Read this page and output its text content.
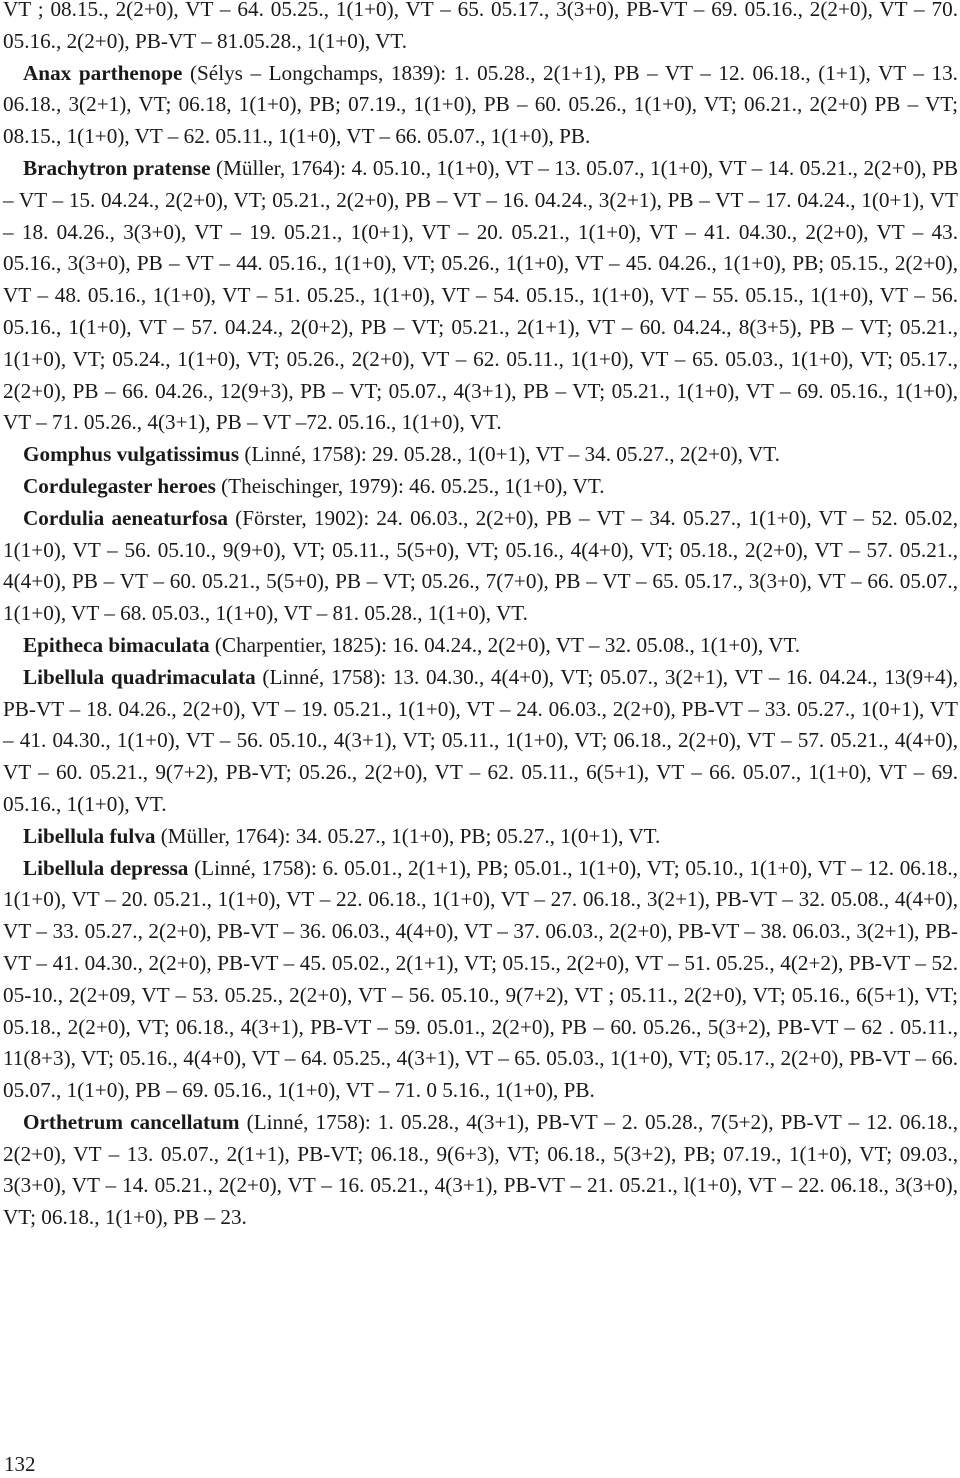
VT ; 08.15., 2(2+0), VT – 64. 05.25., 1(1+0), VT – 65. 05.17., 3(3+0), PB-VT – 69. 05.16., 2(2+0), VT – 70. 05.16., 2(2+0), PB-VT – 81.05.28., 1(1+0), VT.

Anax parthenope (Sélys – Longchamps, 1839): 1. 05.28., 2(1+1), PB – VT – 12. 06.18., (1+1), VT – 13. 06.18., 3(2+1), VT; 06.18, 1(1+0), PB; 07.19., 1(1+0), PB – 60. 05.26., 1(1+0), VT; 06.21., 2(2+0) PB – VT; 08.15., 1(1+0), VT – 62. 05.11., 1(1+0), VT – 66. 05.07., 1(1+0), PB.

Brachytron pratense (Müller, 1764): 4. 05.10., 1(1+0), VT – 13. 05.07., 1(1+0), VT – 14. 05.21., 2(2+0), PB – VT – 15. 04.24., 2(2+0), VT; 05.21., 2(2+0), PB – VT – 16. 04.24., 3(2+1), PB – VT – 17. 04.24., 1(0+1), VT – 18. 04.26., 3(3+0), VT – 19. 05.21., 1(0+1), VT – 20. 05.21., 1(1+0), VT – 41. 04.30., 2(2+0), VT – 43. 05.16., 3(3+0), PB – VT – 44. 05.16., 1(1+0), VT; 05.26., 1(1+0), VT – 45. 04.26., 1(1+0), PB; 05.15., 2(2+0), VT – 48. 05.16., 1(1+0), VT – 51. 05.25., 1(1+0), VT – 54. 05.15., 1(1+0), VT – 55. 05.15., 1(1+0), VT – 56. 05.16., 1(1+0), VT – 57. 04.24., 2(0+2), PB – VT; 05.21., 2(1+1), VT – 60. 04.24., 8(3+5), PB – VT; 05.21., 1(1+0), VT; 05.24., 1(1+0), VT; 05.26., 2(2+0), VT – 62. 05.11., 1(1+0), VT – 65. 05.03., 1(1+0), VT; 05.17., 2(2+0), PB – 66. 04.26., 12(9+3), PB – VT; 05.07., 4(3+1), PB – VT; 05.21., 1(1+0), VT – 69. 05.16., 1(1+0), VT – 71. 05.26., 4(3+1), PB – VT –72. 05.16., 1(1+0), VT.

Gomphus vulgatissimus (Linné, 1758): 29. 05.28., 1(0+1), VT – 34. 05.27., 2(2+0), VT.

Cordulegaster heroes (Theischinger, 1979): 46. 05.25., 1(1+0), VT.

Cordulia aeneaturfosa (Förster, 1902): 24. 06.03., 2(2+0), PB – VT – 34. 05.27., 1(1+0), VT – 52. 05.02, 1(1+0), VT – 56. 05.10., 9(9+0), VT; 05.11., 5(5+0), VT; 05.16., 4(4+0), VT; 05.18., 2(2+0), VT – 57. 05.21., 4(4+0), PB – VT – 60. 05.21., 5(5+0), PB – VT; 05.26., 7(7+0), PB – VT – 65. 05.17., 3(3+0), VT – 66. 05.07., 1(1+0), VT – 68. 05.03., 1(1+0), VT – 81. 05.28., 1(1+0), VT.

Epitheca bimaculata (Charpentier, 1825): 16. 04.24., 2(2+0), VT – 32. 05.08., 1(1+0), VT.

Libellula quadrimaculata (Linné, 1758): 13. 04.30., 4(4+0), VT; 05.07., 3(2+1), VT – 16. 04.24., 13(9+4), PB-VT – 18. 04.26., 2(2+0), VT – 19. 05.21., 1(1+0), VT – 24. 06.03., 2(2+0), PB-VT – 33. 05.27., 1(0+1), VT – 41. 04.30., 1(1+0), VT – 56. 05.10., 4(3+1), VT; 05.11., 1(1+0), VT; 06.18., 2(2+0), VT – 57. 05.21., 4(4+0), VT – 60. 05.21., 9(7+2), PB-VT; 05.26., 2(2+0), VT – 62. 05.11., 6(5+1), VT – 66. 05.07., 1(1+0), VT – 69. 05.16., 1(1+0), VT.

Libellula fulva (Müller, 1764): 34. 05.27., 1(1+0), PB; 05.27., 1(0+1), VT.

Libellula depressa (Linné, 1758): 6. 05.01., 2(1+1), PB; 05.01., 1(1+0), VT; 05.10., 1(1+0), VT – 12. 06.18., 1(1+0), VT – 20. 05.21., 1(1+0), VT – 22. 06.18., 1(1+0), VT – 27. 06.18., 3(2+1), PB-VT – 32. 05.08., 4(4+0), VT – 33. 05.27., 2(2+0), PB-VT – 36. 06.03., 4(4+0), VT – 37. 06.03., 2(2+0), PB-VT – 38. 06.03., 3(2+1), PB-VT – 41. 04.30., 2(2+0), PB-VT – 45. 05.02., 2(1+1), VT; 05.15., 2(2+0), VT – 51. 05.25., 4(2+2), PB-VT – 52. 05-10., 2(2+09, VT – 53. 05.25., 2(2+0), VT – 56. 05.10., 9(7+2), VT ; 05.11., 2(2+0), VT; 05.16., 6(5+1), VT; 05.18., 2(2+0), VT; 06.18., 4(3+1), PB-VT – 59. 05.01., 2(2+0), PB – 60. 05.26., 5(3+2), PB-VT – 62 . 05.11., 11(8+3), VT; 05.16., 4(4+0), VT – 64. 05.25., 4(3+1), VT – 65. 05.03., 1(1+0), VT; 05.17., 2(2+0), PB-VT – 66. 05.07., 1(1+0), PB – 69. 05.16., 1(1+0), VT – 71. 0 5.16., 1(1+0), PB.

Orthetrum cancellatum (Linné, 1758): 1. 05.28., 4(3+1), PB-VT – 2. 05.28., 7(5+2), PB-VT – 12. 06.18., 2(2+0), VT – 13. 05.07., 2(1+1), PB-VT; 06.18., 9(6+3), VT; 06.18., 5(3+2), PB; 07.19., 1(1+0), VT; 09.03., 3(3+0), VT – 14. 05.21., 2(2+0), VT – 16. 05.21., 4(3+1), PB-VT – 21. 05.21., l(1+0), VT – 22. 06.18., 3(3+0), VT; 06.18., 1(1+0), PB – 23.

132
